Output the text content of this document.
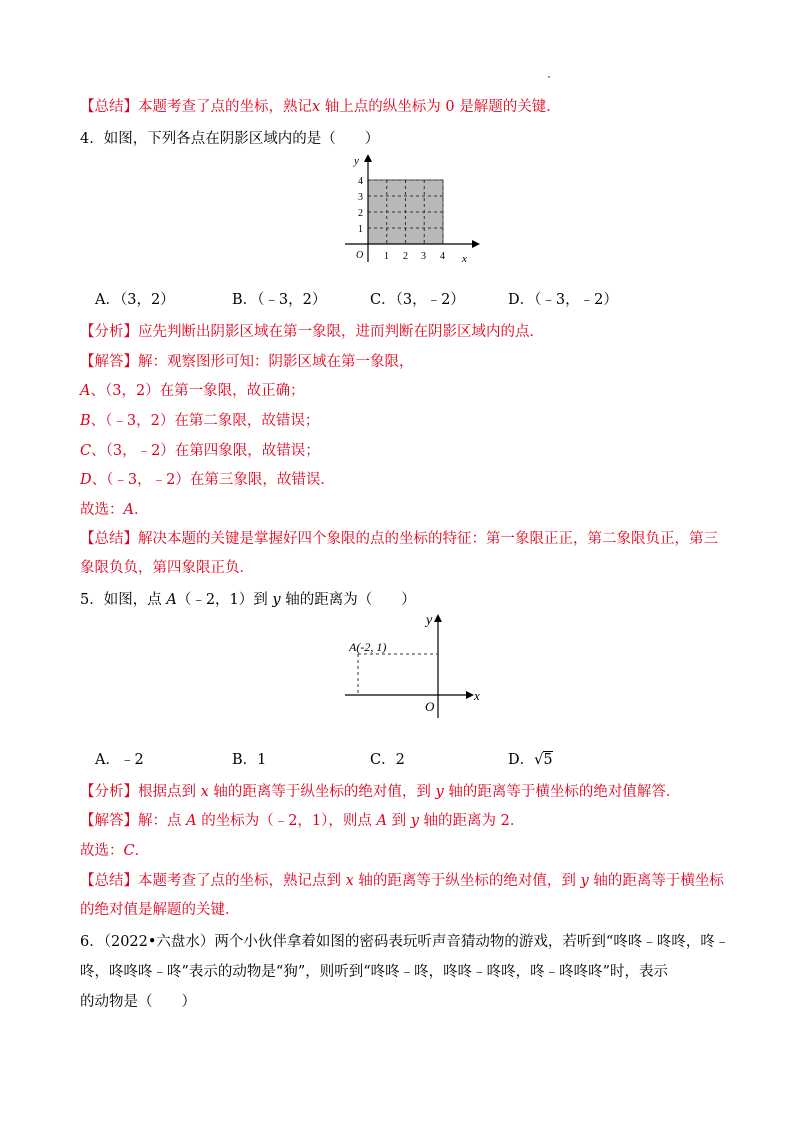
【总结】本题考查了点的坐标，熟记x 轴上点的纵坐标为 0 是解题的关键．
4．如图，下列各点在阴影区域内的是（　　）
y
x
O 1 2 3 4
1
2
3
4
A．（3，2）	B．（﹣3，2）	C．（3，﹣2）	D．（﹣3，﹣2）
【分析】应先判断出阴影区域在第一象限，进而判断在阴影区域内的点．
【解答】解：观察图形可知：阴影区域在第一象限，
A、（3，2）在第一象限，故正确；
B、（﹣3，2）在第二象限，故错误；
C、（3，﹣2）在第四象限，故错误；
D、（﹣3，﹣2）在第三象限，故错误．
故选：A．
【总结】解决本题的关键是掌握好四个象限的点的坐标的特征：第一象限正正，第二象限负正，第三
象限负负，第四象限正负．
5．如图，点 A（﹣2，1）到 y 轴的距离为（　　）
y
x
O
A(-2, 1)
A．﹣2	B．1	C．2	D．√5
【分析】根据点到 x 轴的距离等于纵坐标的绝对值，到 y 轴的距离等于横坐标的绝对值解答．
【解答】解：点 A 的坐标为（﹣2，1），则点 A 到 y 轴的距离为 2．
故选：C．
【总结】本题考查了点的坐标，熟记点到 x 轴的距离等于纵坐标的绝对值，到 y 轴的距离等于横坐标
的绝对值是解题的关键．
6．（2022•六盘水）两个小伙伴拿着如图的密码表玩听声音猜动物的游戏，若听到“咚咚﹣咚咚，咚﹣
咚，咚咚咚﹣咚”表示的动物是“狗”，则听到“咚咚﹣咚，咚咚﹣咚咚，咚﹣咚咚咚”时，表示
的动物是（　　）
